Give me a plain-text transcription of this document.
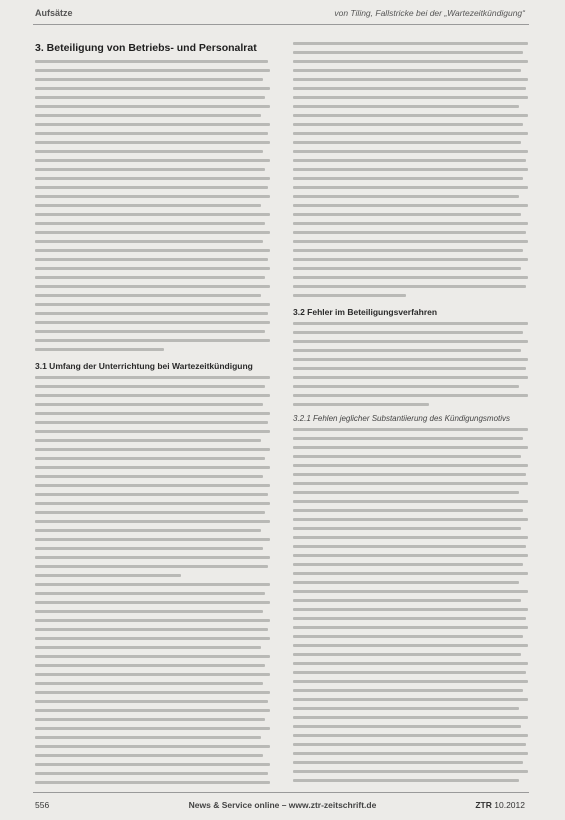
Aufsätze	von Tiling, Fallstricke bei der „Wartezeitkündigung“
3. Beteiligung von Betriebs- und Personalrat
3.1 Umfang der Unterrichtung bei Wartezeitkündigung
3.2 Fehler im Beteiligungsverfahren
3.2.1 Fehlen jeglicher Substantiierung des Kündigungsmotivs
556	News & Service online – www.ztr-zeitschrift.de	ZTR 10.2012
